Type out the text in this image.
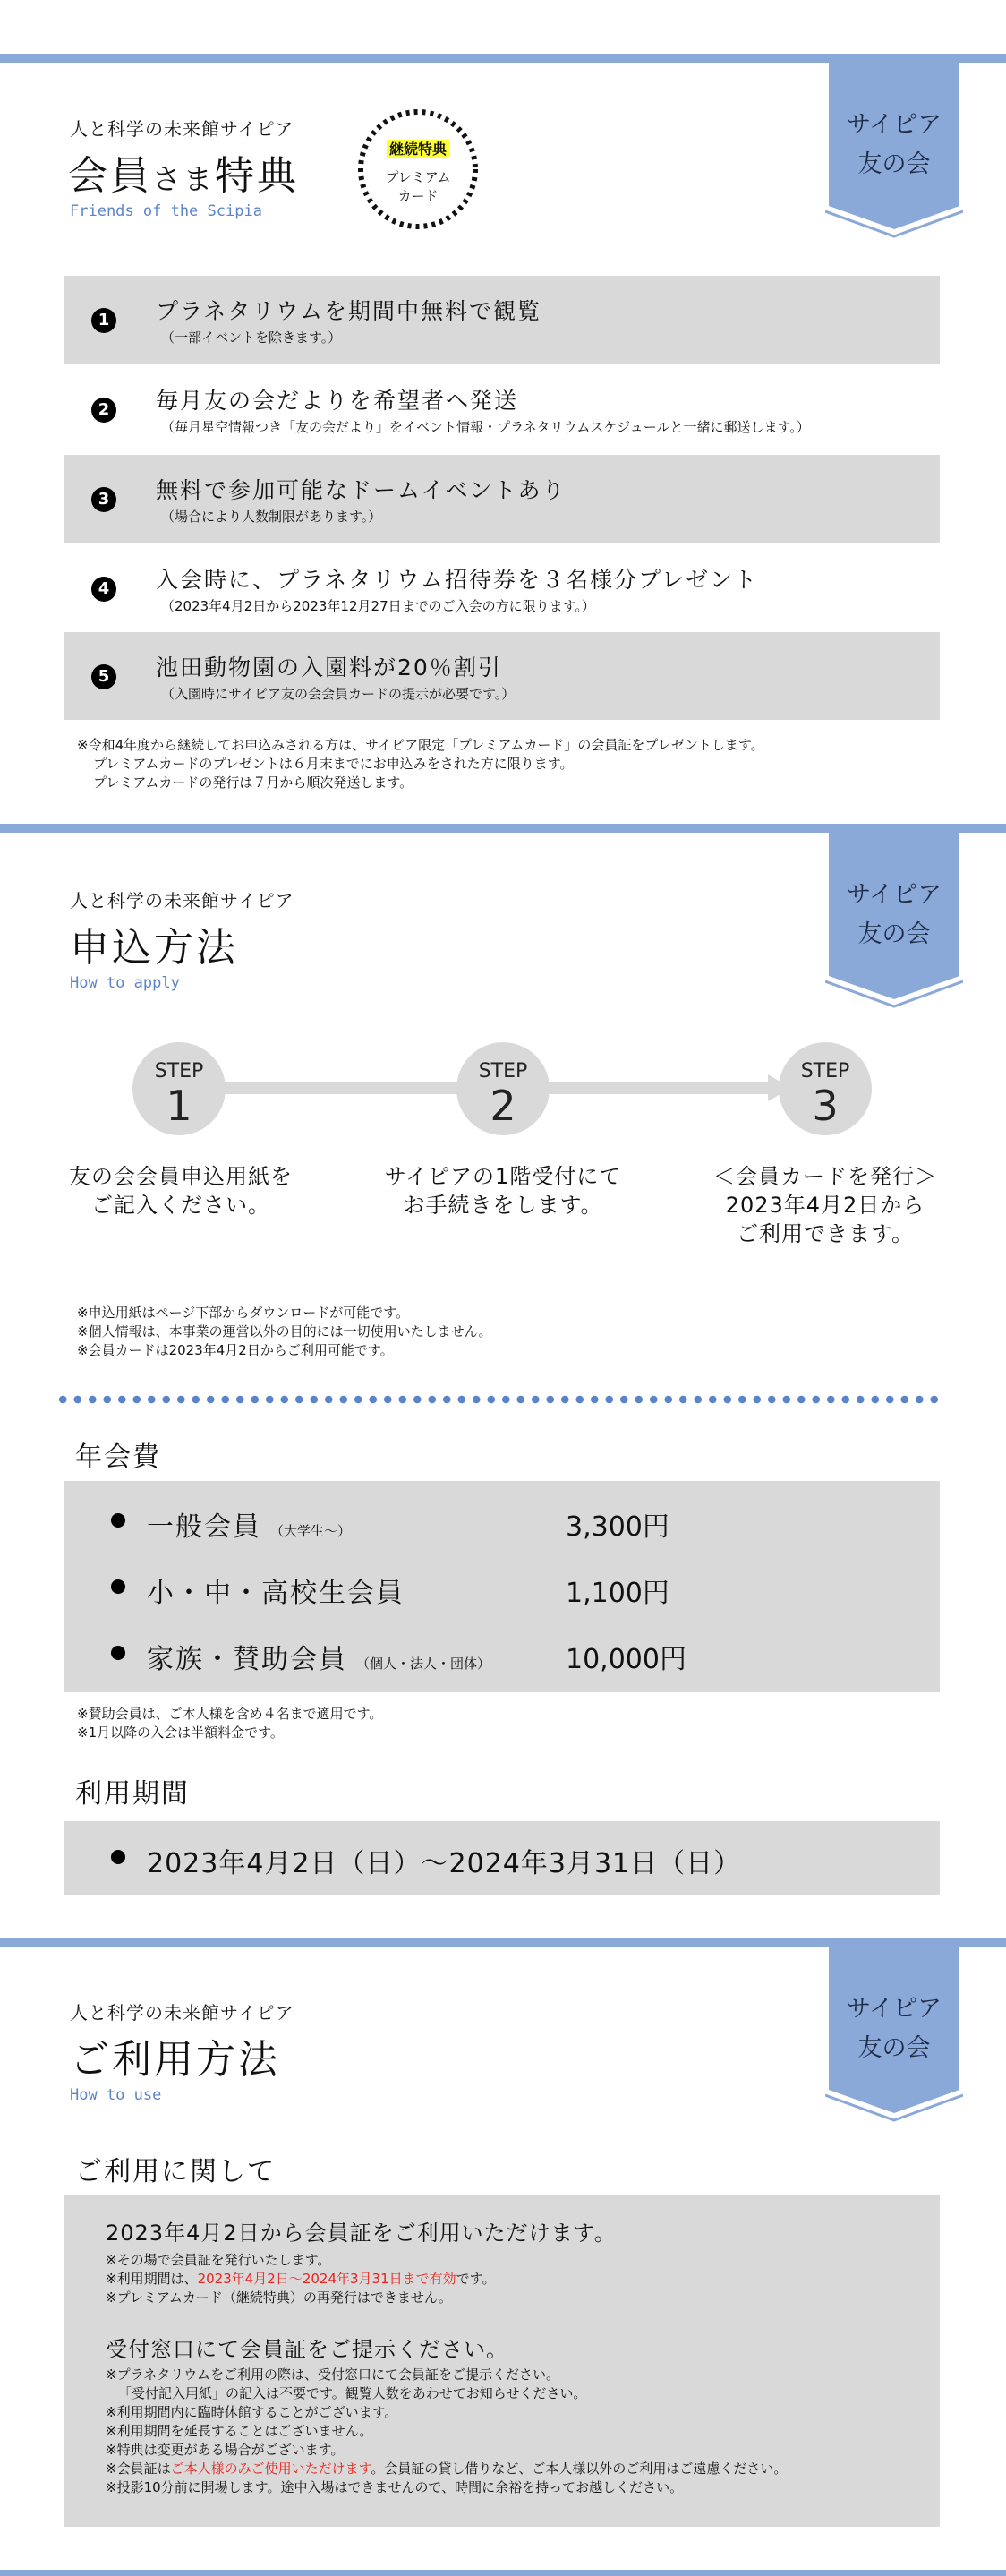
サイピア
友の会
人と科学の未来館サイピア
会員さま特典
Friends of the Scipia
継続特典
プレミアム
カード
1	プラネタリウムを期間中無料で観覧
（一部イベントを除きます。）
2	毎月友の会だよりを希望者へ発送
（毎月星空情報つき「友の会だより」をイベント情報・プラネタリウムスケジュールと一緒に郵送します。）
3	無料で参加可能なドームイベントあり
（場合により人数制限があります。）
4	入会時に、プラネタリウム招待券を３名様分プレゼント
（2023年4月2日から2023年12月27日までのご入会の方に限ります。）
5	池田動物園の入園料が20％割引
（入園時にサイピア友の会会員カードの提示が必要です。）
※令和4年度から継続してお申込みされる方は、サイピア限定「プレミアムカード」の会員証をプレゼントします。
プレミアムカードのプレゼントは６月末までにお申込みをされた方に限ります。
プレミアムカードの発行は７月から順次発送します。
サイピア
友の会
人と科学の未来館サイピア
申込方法
How to apply
STEP
1
STEP
2
STEP
3
友の会会員申込用紙を
ご記入ください。
サイピアの1階受付にて
お手続きをします。
＜会員カードを発行＞
2023年4月2日から
ご利用できます。
※申込用紙はページ下部からダウンロードが可能です。
※個人情報は、本事業の運営以外の目的には一切使用いたしません。
※会員カードは2023年4月2日からご利用可能です。
年会費
一般会員 （大学生～）	3,300円
小・中・高校生会員	1,100円
家族・賛助会員 （個人・法人・団体）	10,000円
※賛助会員は、ご本人様を含め４名まで適用です。
※1月以降の入会は半額料金です。
利用期間
2023年4月2日（日）～2024年3月31日（日）
サイピア
友の会
人と科学の未来館サイピア
ご利用方法
How to use
ご利用に関して
2023年4月2日から会員証をご利用いただけます。
※その場で会員証を発行いたします。
※利用期間は、2023年4月2日～2024年3月31日まで有効です。
※プレミアムカード（継続特典）の再発行はできません。
受付窓口にて会員証をご提示ください。
※プラネタリウムをご利用の際は、受付窓口にて会員証をご提示ください。
「受付記入用紙」の記入は不要です。観覧人数をあわせてお知らせください。
※利用期間内に臨時休館することがございます。
※利用期間を延長することはございません。
※特典は変更がある場合がございます。
※会員証はご本人様のみご使用いただけます。会員証の貸し借りなど、ご本人様以外のご利用はご遠慮ください。
※投影10分前に開場します。途中入場はできませんので、時間に余裕を持ってお越しください。
